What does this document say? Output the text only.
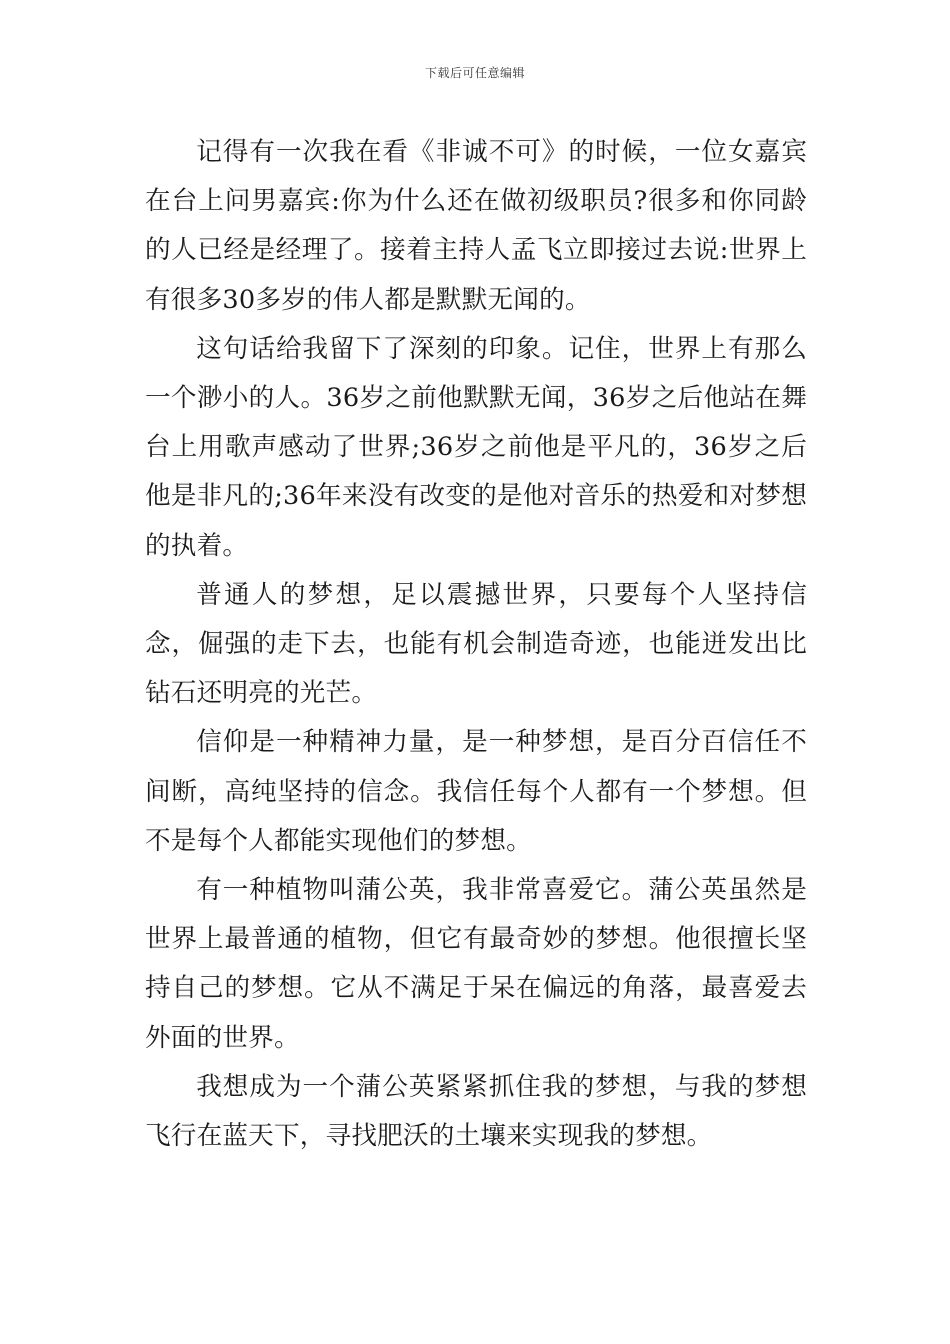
下载后可任意编辑

记得有一次我在看《非诚不可》的时候，一位女嘉宾在台上问男嘉宾:你为什么还在做初级职员?很多和你同龄的人已经是经理了。接着主持人孟飞立即接过去说:世界上有很多30多岁的伟人都是默默无闻的。

这句话给我留下了深刻的印象。记住，世界上有那么一个渺小的人。36岁之前他默默无闻，36岁之后他站在舞台上用歌声感动了世界;36岁之前他是平凡的，36岁之后他是非凡的;36年来没有改变的是他对音乐的热爱和对梦想的执着。

普通人的梦想，足以震撼世界，只要每个人坚持信念，倔强的走下去，也能有机会制造奇迹，也能迸发出比钻石还明亮的光芒。

信仰是一种精神力量，是一种梦想，是百分百信任不间断，高纯坚持的信念。我信任每个人都有一个梦想。但不是每个人都能实现他们的梦想。

有一种植物叫蒲公英，我非常喜爱它。蒲公英虽然是世界上最普通的植物，但它有最奇妙的梦想。他很擅长坚持自己的梦想。它从不满足于呆在偏远的角落，最喜爱去外面的世界。

我想成为一个蒲公英紧紧抓住我的梦想，与我的梦想飞行在蓝天下，寻找肥沃的土壤来实现我的梦想。
